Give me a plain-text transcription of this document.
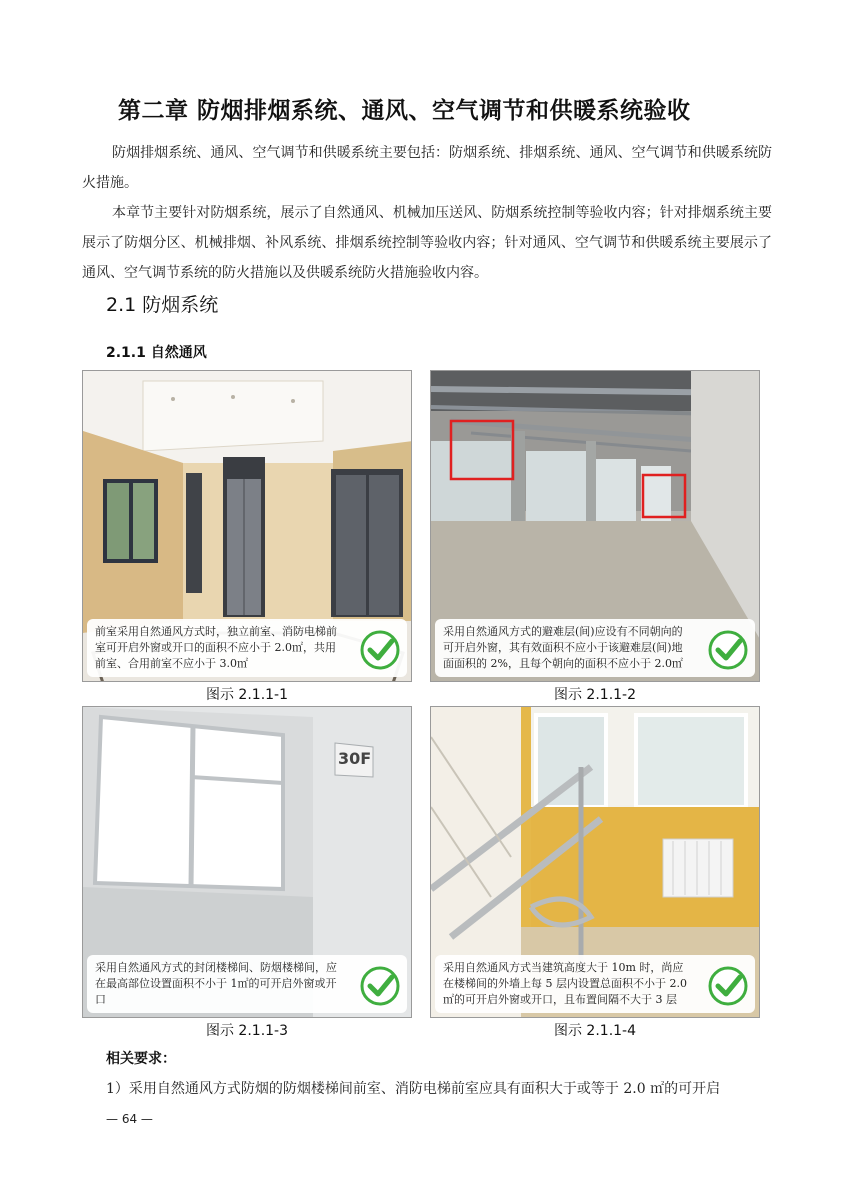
第二章 防烟排烟系统、通风、空气调节和供暖系统验收
防烟排烟系统、通风、空气调节和供暖系统主要包括：防烟系统、排烟系统、通风、空气调节和供暖系统防火措施。
本章节主要针对防烟系统，展示了自然通风、机械加压送风、防烟系统控制等验收内容；针对排烟系统主要展示了防烟分区、机械排烟、补风系统、排烟系统控制等验收内容；针对通风、空气调节和供暖系统主要展示了通风、空气调节系统的防火措施以及供暖系统防火措施验收内容。
2.1 防烟系统
2.1.1 自然通风
前室采用自然通风方式时，独立前室、消防电梯前室可开启外窗或开口的面积不应小于 2.0㎡，共用前室、合用前室不应小于 3.0㎡
采用自然通风方式的避难层(间)应设有不同朝向的可开启外窗，其有效面积不应小于该避难层(间)地面面积的 2%，且每个朝向的面积不应小于 2.0㎡
30F
采用自然通风方式的封闭楼梯间、防烟楼梯间，应在最高部位设置面积不小于 1㎡的可开启外窗或开口
采用自然通风方式当建筑高度大于 10m 时，尚应在楼梯间的外墙上每 5 层内设置总面积不小于 2.0㎡的可开启外窗或开口，且布置间隔不大于 3 层
图示 2.1.1-1	图示 2.1.1-2
图示 2.1.1-3	图示 2.1.1-4
相关要求：
1）采用自然通风方式防烟的防烟楼梯间前室、消防电梯前室应具有面积大于或等于 2.0 ㎡的可开启
— 64 —
